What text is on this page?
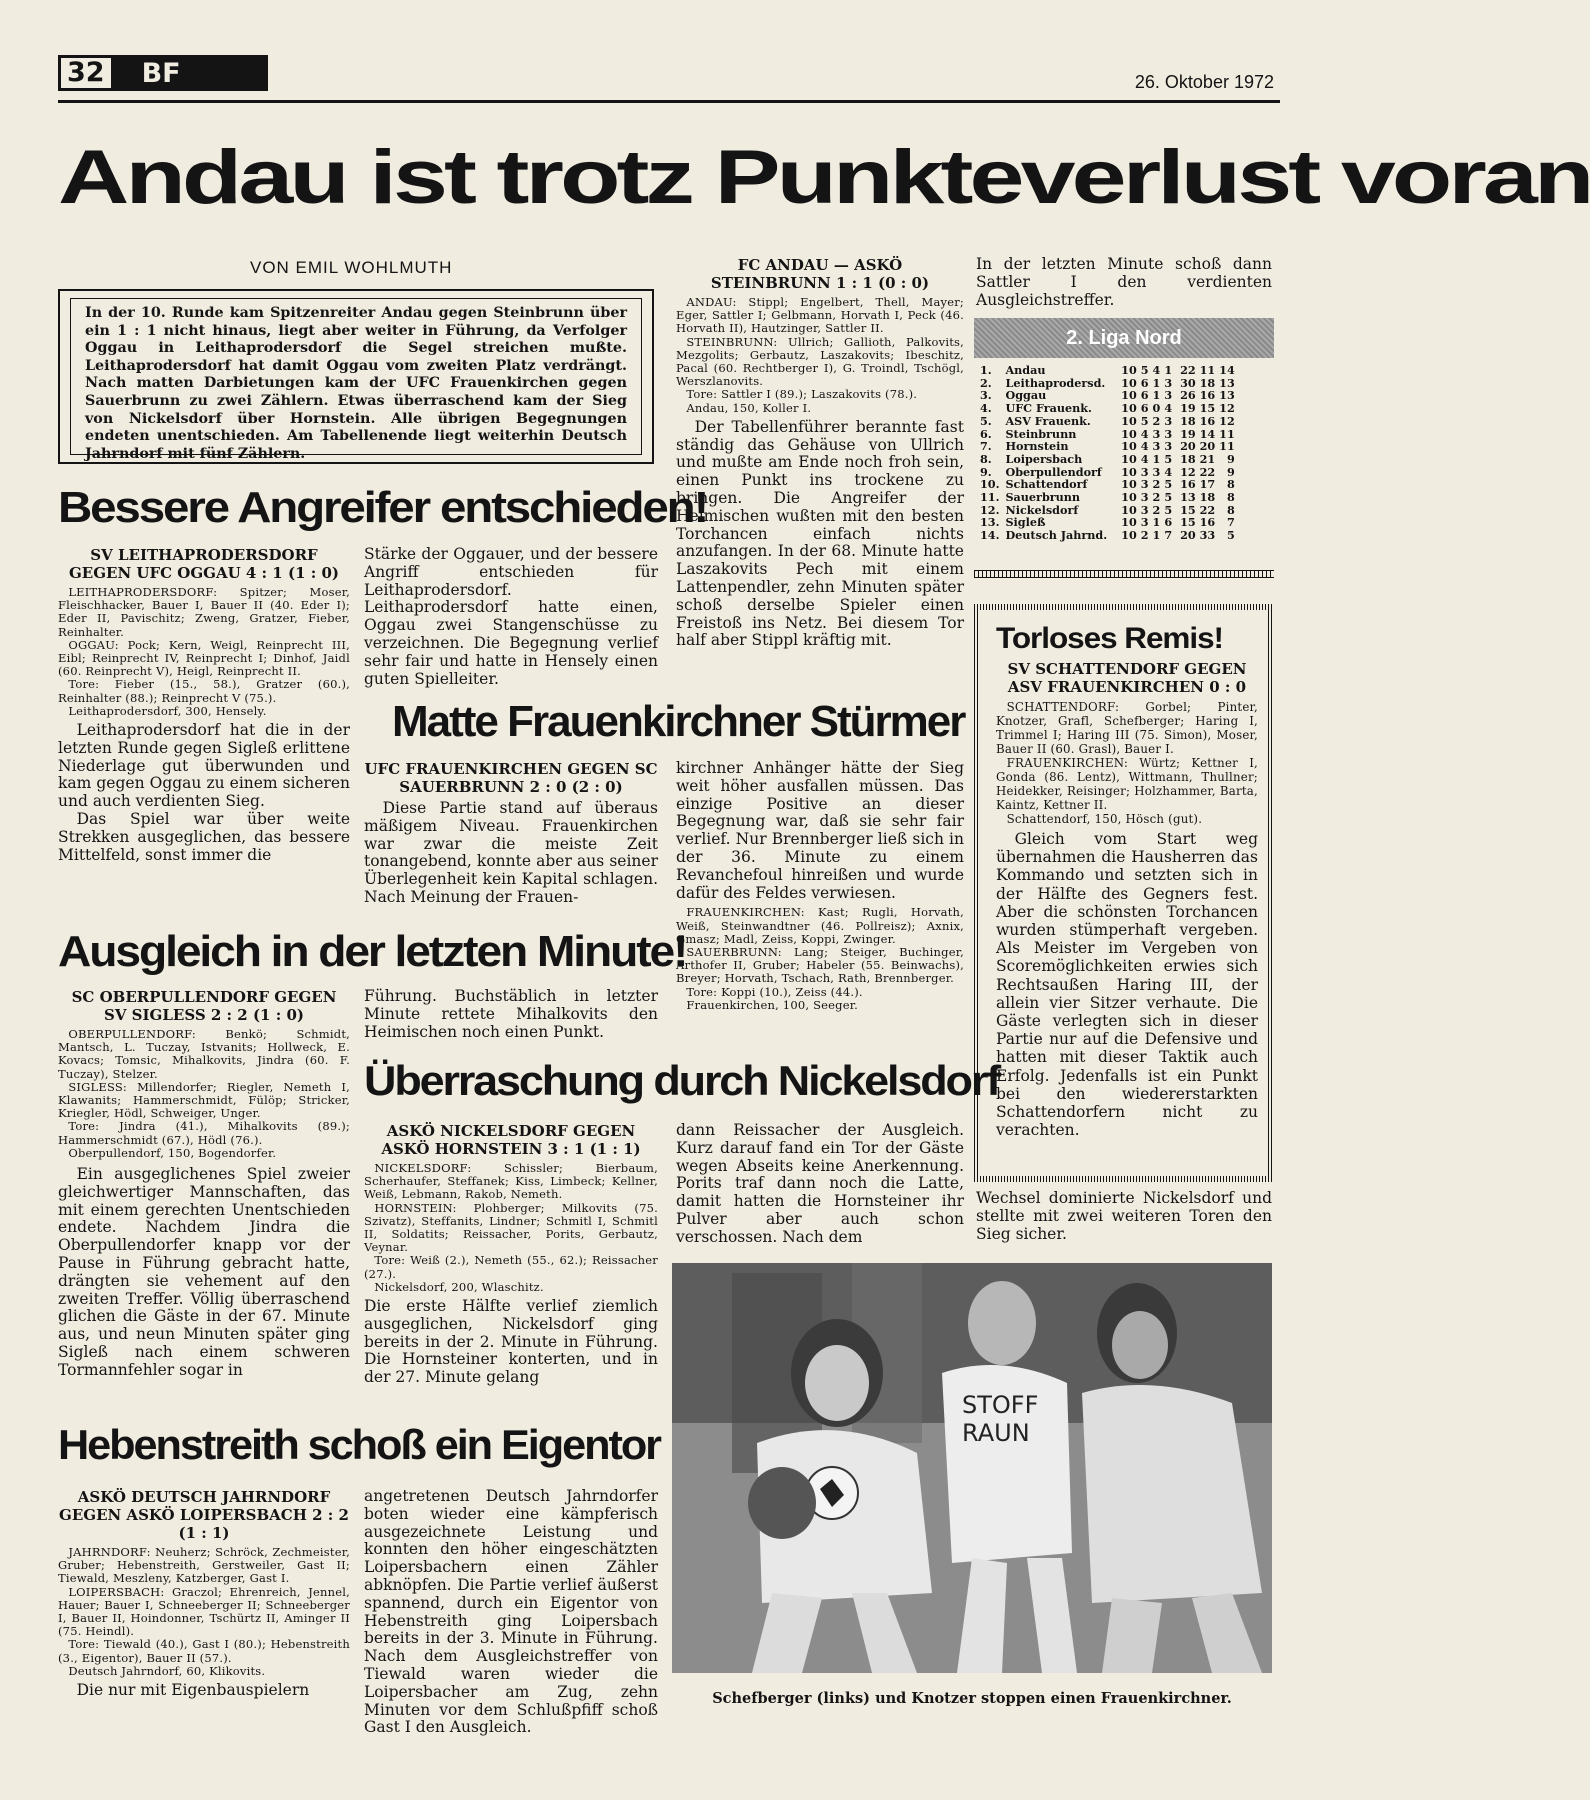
32	BF	26. Oktober 1972
Andau ist trotz Punkteverlust voran
VON EMIL WOHLMUTH
In der 10. Runde kam Spitzenreiter Andau gegen Steinbrunn über ein 1 : 1 nicht hinaus, liegt aber weiter in Führung, da Verfolger Oggau in Leithaprodersdorf die Segel streichen mußte. Leithaprodersdorf hat damit Oggau vom zweiten Platz verdrängt. Nach matten Darbietungen kam der UFC Frauenkirchen gegen Sauerbrunn zu zwei Zählern. Etwas überraschend kam der Sieg von Nickelsdorf über Hornstein. Alle übrigen Begegnungen endeten unentschieden. Am Tabellenende liegt weiterhin Deutsch Jahrndorf mit fünf Zählern.
FC ANDAU — ASKÖ STEINBRUNN 1 : 1 (0 : 0)
ANDAU: Stippl; Engelbert, Thell, Mayer; Eger, Sattler I; Gelbmann, Horvath I, Peck (46. Horvath II), Hautzinger, Sattler II.
STEINBRUNN: Ullrich; Gallioth, Palkovits, Mezgolits; Gerbautz, Laszakovits; Ibeschitz, Pacal (60. Rechtberger I), G. Troindl, Tschögl, Werszlanovits.
Tore: Sattler I (89.); Laszakovits (78.).
Andau, 150, Koller I.

Der Tabellenführer berannte fast ständig das Gehäuse von Ullrich und mußte am Ende noch froh sein, einen Punkt ins trockene zu bringen. Die Angreifer der Heimischen wußten mit den besten Torchancen einfach nichts anzufangen. In der 68. Minute hatte Laszakovits Pech mit einem Lattenpendler, zehn Minuten später schoß derselbe Spieler einen Freistoß ins Netz. Bei diesem Tor half aber Stippl kräftig mit.

In der letzten Minute schoß dann Sattler I den verdienten Ausgleichstreffer.

2. Liga Nord
1.	Andau	10	5	4	1	22 11	14
2.	Leithaprodersd.	10	6	1	3	30 18	13
3.	Oggau	10	6	1	3	26 16	13
4.	UFC Frauenk.	10	6	0	4	19 15	12
5.	ASV Frauenk.	10	5	2	3	18 16	12
6.	Steinbrunn	10	4	3	3	19 14	11
7.	Hornstein	10	4	3	3	20 20	11
8.	Loipersbach	10	4	1	5	18 21	9
9.	Oberpullendorf	10	3	3	4	12 22	9
10.	Schattendorf	10	3	2	5	16 17	8
11.	Sauerbrunn	10	3	2	5	13 18	8
12.	Nickelsdorf	10	3	2	5	15 22	8
13.	Sigleß	10	3	1	6	15 16	7
14.	Deutsch Jahrnd.	10	2	1	7	20 33	5
Torloses Remis!
SV SCHATTENDORF GEGEN ASV FRAUENKIRCHEN 0 : 0
SCHATTENDORF: Gorbel; Pinter, Knotzer, Grafl, Schefberger; Haring I, Trimmel I; Haring III (75. Simon), Moser, Bauer II (60. Grasl), Bauer I.
FRAUENKIRCHEN: Würtz; Kettner I, Gonda (86. Lentz), Wittmann, Thullner; Heidekker, Reisinger; Holzhammer, Barta, Kaintz, Kettner II.
Schattendorf, 150, Hösch (gut).

Gleich vom Start weg übernahmen die Hausherren das Kommando und setzten sich in der Hälfte des Gegners fest. Aber die schönsten Torchancen wurden stümperhaft vergeben. Als Meister im Vergeben von Scoremöglichkeiten erwies sich Rechtsaußen Haring III, der allein vier Sitzer verhaute. Die Gäste verlegten sich in dieser Partie nur auf die Defensive und hatten mit dieser Taktik auch Erfolg. Jedenfalls ist ein Punkt bei den wiedererstarkten Schattendorfern nicht zu verachten.

Wechsel dominierte Nickelsdorf und stellte mit zwei weiteren Toren den Sieg sicher.

Bessere Angreifer entschieden!
SV LEITHAPRODERSDORF GEGEN UFC OGGAU 4 : 1 (1 : 0)
LEITHAPRODERSDORF: Spitzer; Moser, Fleischhacker, Bauer I, Bauer II (40. Eder I); Eder II, Pavischitz; Zweng, Gratzer, Fieber, Reinhalter.
OGGAU: Pock; Kern, Weigl, Reinprecht III, Eibl; Reinprecht IV, Reinprecht I; Dinhof, Jaidl (60. Reinprecht V), Heigl, Reinprecht II.
Tore: Fieber (15., 58.), Gratzer (60.), Reinhalter (88.); Reinprecht V (75.).
Leithaprodersdorf, 300, Hensely.

Leithaprodersdorf hat die in der letzten Runde gegen Sigleß erlittene Niederlage gut überwunden und kam gegen Oggau zu einem sicheren und auch verdienten Sieg.

Das Spiel war über weite Strekken ausgeglichen, das bessere Mittelfeld, sonst immer die

Stärke der Oggauer, und der bessere Angriff entschieden für Leithaprodersdorf. Leithaprodersdorf hatte einen, Oggau zwei Stangenschüsse zu verzeichnen. Die Begegnung verlief sehr fair und hatte in Hensely einen guten Spielleiter.

Matte Frauenkirchner Stürmer
UFC FRAUENKIRCHEN GEGEN SC SAUERBRUNN 2 : 0 (2 : 0)

Diese Partie stand auf überaus mäßigem Niveau. Frauenkirchen war zwar die meiste Zeit tonangebend, konnte aber aus seiner Überlegenheit kein Kapital schlagen. Nach Meinung der Frauen-

kirchner Anhänger hätte der Sieg weit höher ausfallen müssen. Das einzige Positive an dieser Begegnung war, daß sie sehr fair verlief. Nur Brennberger ließ sich in der 36. Minute zu einem Revanchefoul hinreißen und wurde dafür des Feldes verwiesen.

FRAUENKIRCHEN: Kast; Rugli, Horvath, Weiß, Steinwandtner (46. Pollreisz); Axnix, Gmasz; Madl, Zeiss, Koppi, Zwinger.
SAUERBRUNN: Lang; Steiger, Buchinger, Arthofer II, Gruber; Habeler (55. Beinwachs), Breyer; Horvath, Tschach, Rath, Brennberger.
Tore: Koppi (10.), Zeiss (44.).
Frauenkirchen, 100, Seeger.
Ausgleich in der letzten Minute!
SC OBERPULLENDORF GEGEN SV SIGLESS 2 : 2 (1 : 0)
OBERPULLENDORF: Benkö; Schmidt, Mantsch, L. Tuczay, Istvanits; Hollweck, E. Kovacs; Tomsic, Mihalkovits, Jindra (60. F. Tuczay), Stelzer.
SIGLESS: Millendorfer; Riegler, Nemeth I, Klawanits; Hammerschmidt, Fülöp; Stricker, Kriegler, Hödl, Schweiger, Unger.
Tore: Jindra (41.), Mihalkovits (89.); Hammerschmidt (67.), Hödl (76.).
Oberpullendorf, 150, Bogendorfer.

Ein ausgeglichenes Spiel zweier gleichwertiger Mannschaften, das mit einem gerechten Unentschieden endete. Nachdem Jindra die Oberpullendorfer knapp vor der Pause in Führung gebracht hatte, drängten sie vehement auf den zweiten Treffer. Völlig überraschend glichen die Gäste in der 67. Minute aus, und neun Minuten später ging Sigleß nach einem schweren Tormannfehler sogar in

Führung. Buchstäblich in letzter Minute rettete Mihalkovits den Heimischen noch einen Punkt.

Überraschung durch Nickelsdorf
ASKÖ NICKELSDORF GEGEN ASKÖ HORNSTEIN 3 : 1 (1 : 1)
NICKELSDORF: Schissler; Bierbaum, Scherhaufer, Steffanek; Kiss, Limbeck; Kellner, Weiß, Lebmann, Rakob, Nemeth.
HORNSTEIN: Plohberger; Milkovits (75. Szivatz), Steffanits, Lindner; Schmitl I, Schmitl II, Soldatits; Reissacher, Porits, Gerbautz, Veynar.
Tore: Weiß (2.), Nemeth (55., 62.); Reissacher (27.).
Nickelsdorf, 200, Wlaschitz.

Die erste Hälfte verlief ziemlich ausgeglichen, Nickelsdorf ging bereits in der 2. Minute in Führung. Die Hornsteiner konterten, und in der 27. Minute gelang

dann Reissacher der Ausgleich. Kurz darauf fand ein Tor der Gäste wegen Abseits keine Anerkennung. Porits traf dann noch die Latte, damit hatten die Hornsteiner ihr Pulver aber auch schon verschossen. Nach dem

Hebenstreith schoß ein Eigentor
ASKÖ DEUTSCH JAHRNDORF GEGEN ASKÖ LOIPERSBACH 2 : 2 (1 : 1)
JAHRNDORF: Neuherz; Schröck, Zechmeister, Gruber; Hebenstreith, Gerstweiler, Gast II; Tiewald, Meszleny, Katzberger, Gast I.
LOIPERSBACH: Graczol; Ehrenreich, Jennel, Hauer; Bauer I, Schneeberger II; Schneeberger I, Bauer II, Hoindonner, Tschürtz II, Aminger II (75. Heindl).
Tore: Tiewald (40.), Gast I (80.); Hebenstreith (3., Eigentor), Bauer II (57.).
Deutsch Jahrndorf, 60, Klikovits.

Die nur mit Eigenbauspielern

angetretenen Deutsch Jahrndorfer boten wieder eine kämpferisch ausgezeichnete Leistung und konnten den höher eingeschätzten Loipersbachern einen Zähler abknöpfen. Die Partie verlief äußerst spannend, durch ein Eigentor von Hebenstreith ging Loipersbach bereits in der 3. Minute in Führung. Nach dem Ausgleichstreffer von Tiewald waren wieder die Loipersbacher am Zug, zehn Minuten vor dem Schlußpfiff schoß Gast I den Ausgleich.

STOFF
RAUN
Schefberger (links) und Knotzer stoppen einen Frauenkirchner.
